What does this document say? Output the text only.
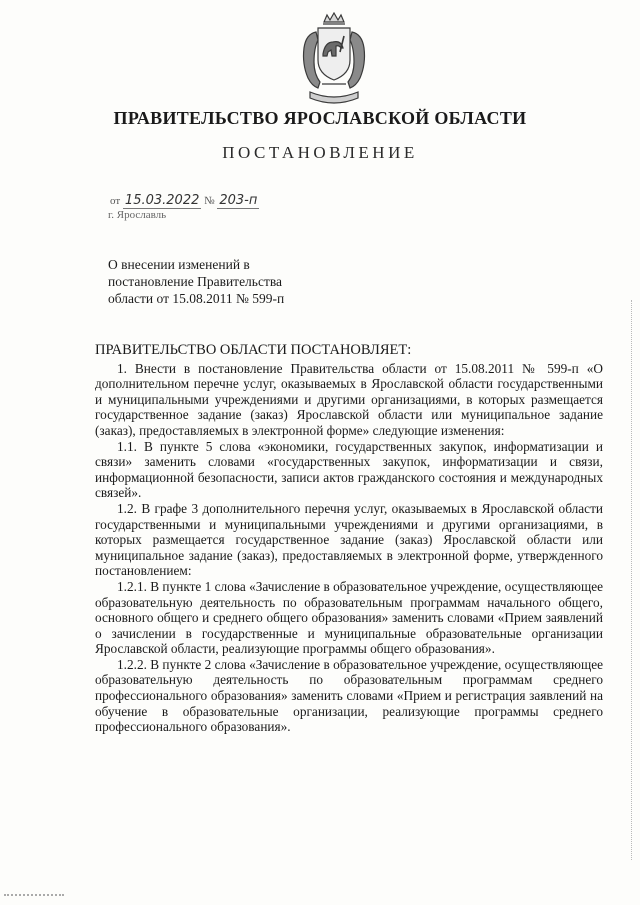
ПРАВИТЕЛЬСТВО ЯРОСЛАВСКОЙ ОБЛАСТИ
ПОСТАНОВЛЕНИЕ
от 15.03.2022 № 203-п
г. Ярославль
О внесении изменений в
постановление Правительства
области от 15.08.2011 № 599-п
ПРАВИТЕЛЬСТВО ОБЛАСТИ ПОСТАНОВЛЯЕТ:

1. Внести в постановление Правительства области от 15.08.2011 № 599-п «О дополнительном перечне услуг, оказываемых в Ярославской области государственными и муниципальными учреждениями и другими организациями, в которых размещается государственное задание (заказ) Ярославской области или муниципальное задание (заказ), предоставляемых в электронной форме» следующие изменения:

1.1. В пункте 5 слова «экономики, государственных закупок, информатизации и связи» заменить словами «государственных закупок, информатизации и связи, информационной безопасности, записи актов гражданского состояния и международных связей».

1.2. В графе 3 дополнительного перечня услуг, оказываемых в Ярославской области государственными и муниципальными учреждениями и другими организациями, в которых размещается государственное задание (заказ) Ярославской области или муниципальное задание (заказ), предоставляемых в электронной форме, утвержденного постановлением:

1.2.1. В пункте 1 слова «Зачисление в образовательное учреждение, осуществляющее образовательную деятельность по образовательным программам начального общего, основного общего и среднего общего образования» заменить словами «Прием заявлений о зачислении в государственные и муниципальные образовательные организации Ярославской области, реализующие программы общего образования».

1.2.2. В пункте 2 слова «Зачисление в образовательное учреждение, осуществляющее образовательную деятельность по образовательным программам среднего профессионального образования» заменить словами «Прием и регистрация заявлений на обучение в образовательные организации, реализующие программы среднего профессионального образования».
